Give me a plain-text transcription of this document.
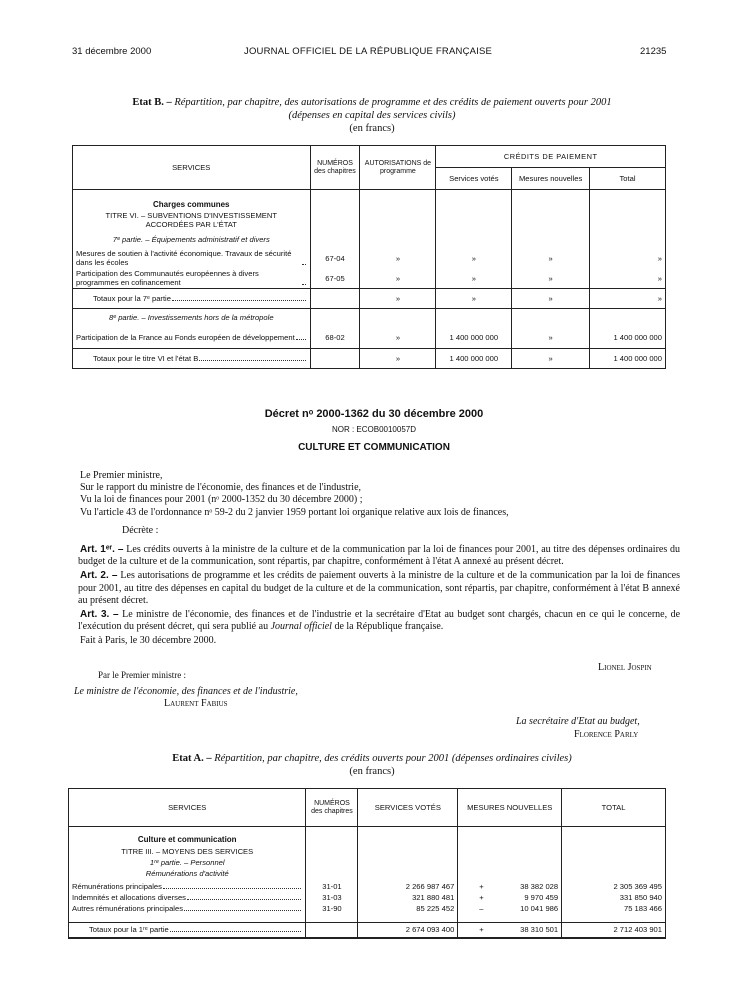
31 décembre 2000	JOURNAL OFFICIEL DE LA RÉPUBLIQUE FRANÇAISE	21235
Etat B. – Répartition, par chapitre, des autorisations de programme et des crédits de paiement ouverts pour 2001
(dépenses en capital des services civils)
(en francs)
SERVICES	NUMÉROS des chapitres	AUTORISATIONS de programme	CRÉDITS DE PAIEMENT		
			Services votés	Mesures nouvelles	Total
Charges communes					
TITRE VI. – SUBVENTIONS D'INVESTISSEMENT ACCORDÉES PAR L'ÉTAT					
7ᵉ partie. – Équipements administratif et divers					

Mesures de soutien à l'activité économique. Travaux de sécurité dans les écoles	67-04	»	»	»	»

Participation des Communautés européennes à divers programmes en cofinancement	67-05	»	»	»	»

Totaux pour la 7ᵉ partie		»	»	»	»
8ᵉ partie. – Investissements hors de la métropole					

Participation de la France au Fonds européen de développement	68-02	»	1 400 000 000	»	1 400 000 000

Totaux pour le titre VI et l'état B		»	1 400 000 000	»	1 400 000 000
Décret nᵒ 2000-1362 du 30 décembre 2000
NOR : ECOB0010057D
CULTURE ET COMMUNICATION
Le Premier ministre,
Sur le rapport du ministre de l'économie, des finances et de l'industrie,
Vu la loi de finances pour 2001 (nᵒ 2000-1352 du 30 décembre 2000) ;
Vu l'article 43 de l'ordonnance nᵒ 59-2 du 2 janvier 1959 portant loi organique relative aux lois de finances,
Décrète :
Art. 1ᵉʳ. – Les crédits ouverts à la ministre de la culture et de la communication par la loi de finances pour 2001, au titre des dépenses ordinaires du budget de la culture et de la communication, sont répartis, par chapitre, conformément à l'état A annexé au présent décret.
Art. 2. – Les autorisations de programme et les crédits de paiement ouverts à la ministre de la culture et de la communication par la loi de finances pour 2001, au titre des dépenses en capital du budget de la culture et de la communication, sont répartis, par chapitre, conformément à l'état B annexé au présent décret.
Art. 3. – Le ministre de l'économie, des finances et de l'industrie et la secrétaire d'Etat au budget sont chargés, chacun en ce qui le concerne, de l'exécution du présent décret, qui sera publié au Journal officiel de la République française.
Fait à Paris, le 30 décembre 2000.
Lionel Jospin
Par le Premier ministre :
Le ministre de l'économie, des finances et de l'industrie,
Laurent Fabius
La secrétaire d'Etat au budget,
Florence Parly
Etat A. – Répartition, par chapitre, des crédits ouverts pour 2001 (dépenses ordinaires civiles)
(en francs)
SERVICES	NUMÉROS des chapitres	SERVICES VOTÉS	MESURES NOUVELLES	TOTAL
Culture et communication				
TITRE III. – MOYENS DES SERVICES				
1ʳᵉ partie. – Personnel				
Rémunérations d'activité				

Rémunérations principales	31-01	2 266 987 467	+ 38 382 028	2 305 369 495

Indemnités et allocations diverses	31-03	321 880 481	+ 9 970 459	331 850 940

Autres rémunérations principales	31-90	85 225 452	– 10 041 986	75 183 466

Totaux pour la 1ʳᵉ partie		2 674 093 400	+ 38 310 501	2 712 403 901
